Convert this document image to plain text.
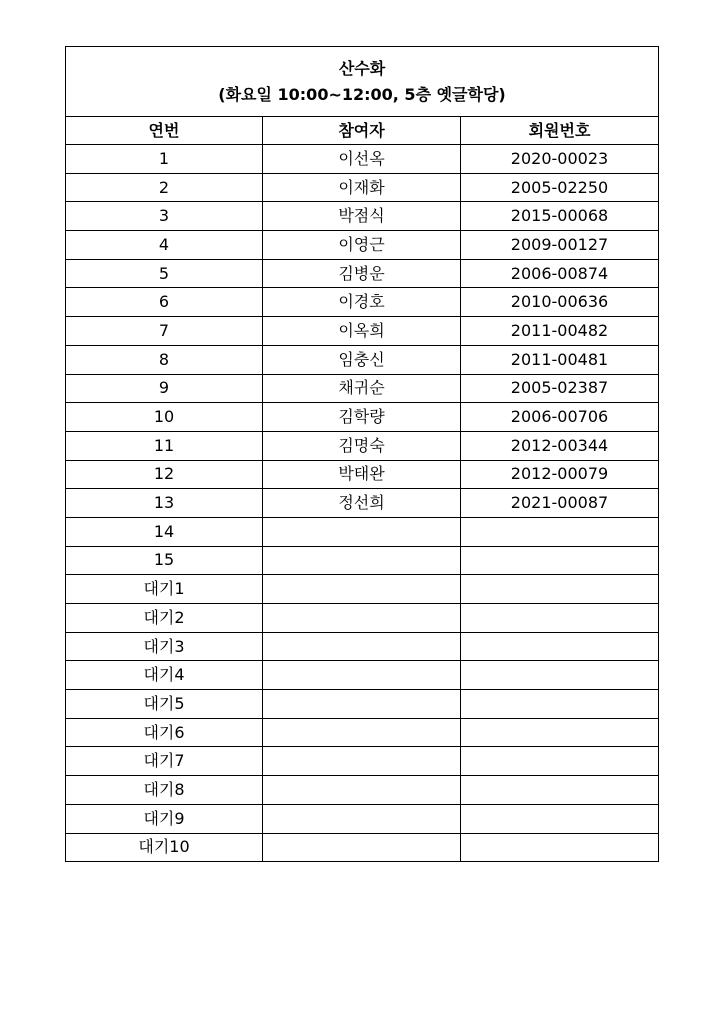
산수화
(화요일 10:00~12:00, 5층 옛글학당)		

연번	참여자	회원번호
1	이선옥	2020-00023
2	이재화	2005-02250
3	박점식	2015-00068
4	이영근	2009-00127
5	김병운	2006-00874
6	이경호	2010-00636
7	이옥희	2011-00482
8	임충신	2011-00481
9	채귀순	2005-02387
10	김학량	2006-00706
11	김명숙	2012-00344
12	박태완	2012-00079
13	정선희	2021-00087
14		
15		
대기1		
대기2		
대기3		
대기4		
대기5		
대기6		
대기7		
대기8		
대기9		
대기10		
